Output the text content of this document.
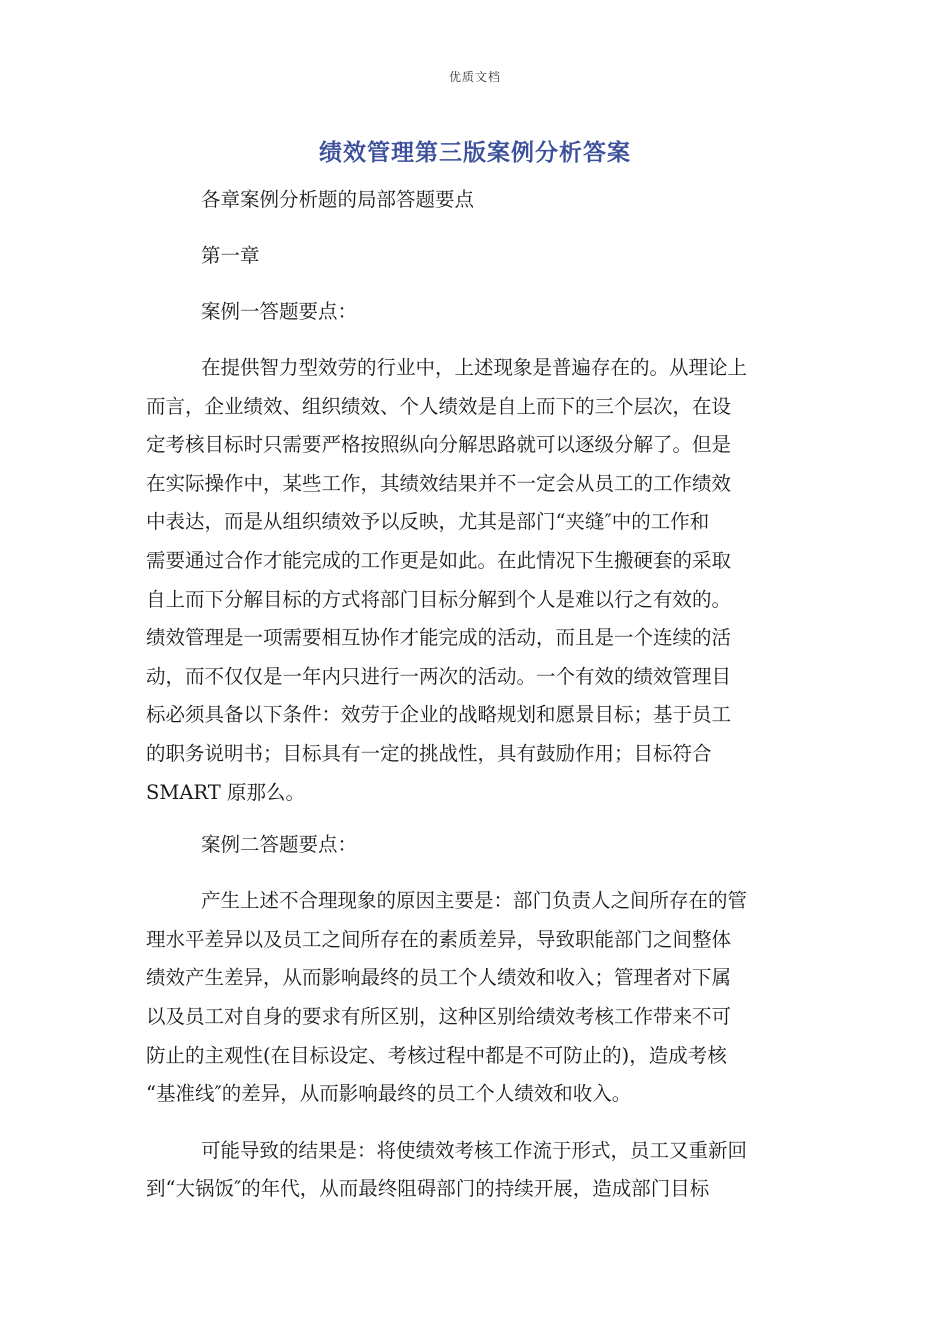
优质文档
绩效管理第三版案例分析答案
各章案例分析题的局部答题要点
第一章
案例一答题要点：
在提供智力型效劳的行业中，上述现象是普遍存在的。从理论上
而言，企业绩效、组织绩效、个人绩效是自上而下的三个层次，在设
定考核目标时只需要严格按照纵向分解思路就可以逐级分解了。但是
在实际操作中，某些工作，其绩效结果并不一定会从员工的工作绩效
中表达，而是从组织绩效予以反映，尤其是部门“夹缝″中的工作和
需要通过合作才能完成的工作更是如此。在此情况下生搬硬套的采取
自上而下分解目标的方式将部门目标分解到个人是难以行之有效的。
绩效管理是一项需要相互协作才能完成的活动，而且是一个连续的活
动，而不仅仅是一年内只进行一两次的活动。一个有效的绩效管理目
标必须具备以下条件：效劳于企业的战略规划和愿景目标；基于员工
的职务说明书；目标具有一定的挑战性，具有鼓励作用；目标符合
SMART 原那么。
案例二答题要点：
产生上述不合理现象的原因主要是：部门负责人之间所存在的管
理水平差异以及员工之间所存在的素质差异，导致职能部门之间整体
绩效产生差异，从而影响最终的员工个人绩效和收入；管理者对下属
以及员工对自身的要求有所区别，这种区别给绩效考核工作带来不可
防止的主观性(在目标设定、考核过程中都是不可防止的)，造成考核
“基准线″的差异，从而影响最终的员工个人绩效和收入。
可能导致的结果是：将使绩效考核工作流于形式，员工又重新回
到“大锅饭″的年代，从而最终阻碍部门的持续开展，造成部门目标
